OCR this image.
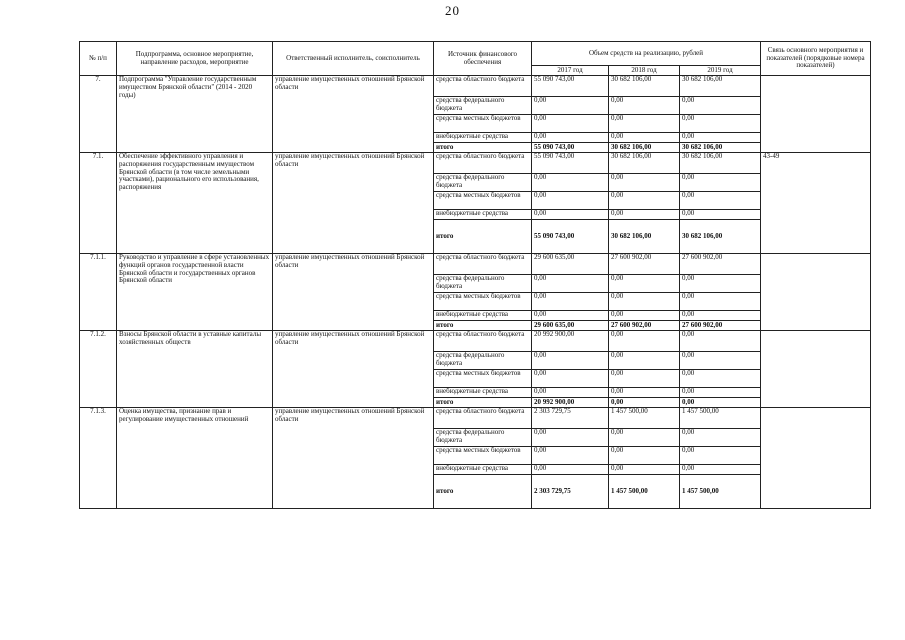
20
№ п/п	Подпрограмма, основное мероприятие, направление расходов, мероприятие	Ответственный исполнитель, соисполнитель	Источник финансового обеспечения	Объем средств на реализацию, рублей			Связь основного мероприятия и показателей (порядковые номера показателей)
				2017 год	2018 год	2019 год	
7.	Подпрограмма "Управление государственным имуществом Брянской области" (2014 - 2020 годы)	управление имущественных отношений Брянской области	средства областного бюджета	55 090 743,00	30 682 106,00	30 682 106,00	
			средства федерального бюджета	0,00	0,00	0,00	
			средства местных бюджетов	0,00	0,00	0,00	
			внебюджетные средства	0,00	0,00	0,00	
			итого	55 090 743,00	30 682 106,00	30 682 106,00	
7.1.	Обеспечение эффективного управления и распоряжения государственным имуществом Брянской области (в том числе земельными участками), рационального его использования, распоряжения	управление имущественных отношений Брянской области	средства областного бюджета	55 090 743,00	30 682 106,00	30 682 106,00	43-49
			средства федерального бюджета	0,00	0,00	0,00	
			средства местных бюджетов	0,00	0,00	0,00	
			внебюджетные средства	0,00	0,00	0,00	
			итого	55 090 743,00	30 682 106,00	30 682 106,00	
7.1.1.	Руководство и управление в сфере установленных функций органов государственной власти Брянской области и государственных органов Брянской области	управление имущественных отношений Брянской области	средства областного бюджета	29 600 635,00	27 600 902,00	27 600 902,00	
			средства федерального бюджета	0,00	0,00	0,00	
			средства местных бюджетов	0,00	0,00	0,00	
			внебюджетные средства	0,00	0,00	0,00	
			итого	29 600 635,00	27 600 902,00	27 600 902,00	
7.1.2.	Взносы Брянской области в уставные капиталы хозяйственных обществ	управление имущественных отношений Брянской области	средства областного бюджета	20 992 900,00	0,00	0,00	
			средства федерального бюджета	0,00	0,00	0,00	
			средства местных бюджетов	0,00	0,00	0,00	
			внебюджетные средства	0,00	0,00	0,00	
			итого	20 992 900,00	0,00	0,00	
7.1.3.	Оценка имущества, признание прав и регулирование имущественных отношений	управление имущественных отношений Брянской области	средства областного бюджета	2 303 729,75	1 457 500,00	1 457 500,00	
			средства федерального бюджета	0,00	0,00	0,00	
			средства местных бюджетов	0,00	0,00	0,00	
			внебюджетные средства	0,00	0,00	0,00	
			итого	2 303 729,75	1 457 500,00	1 457 500,00	
